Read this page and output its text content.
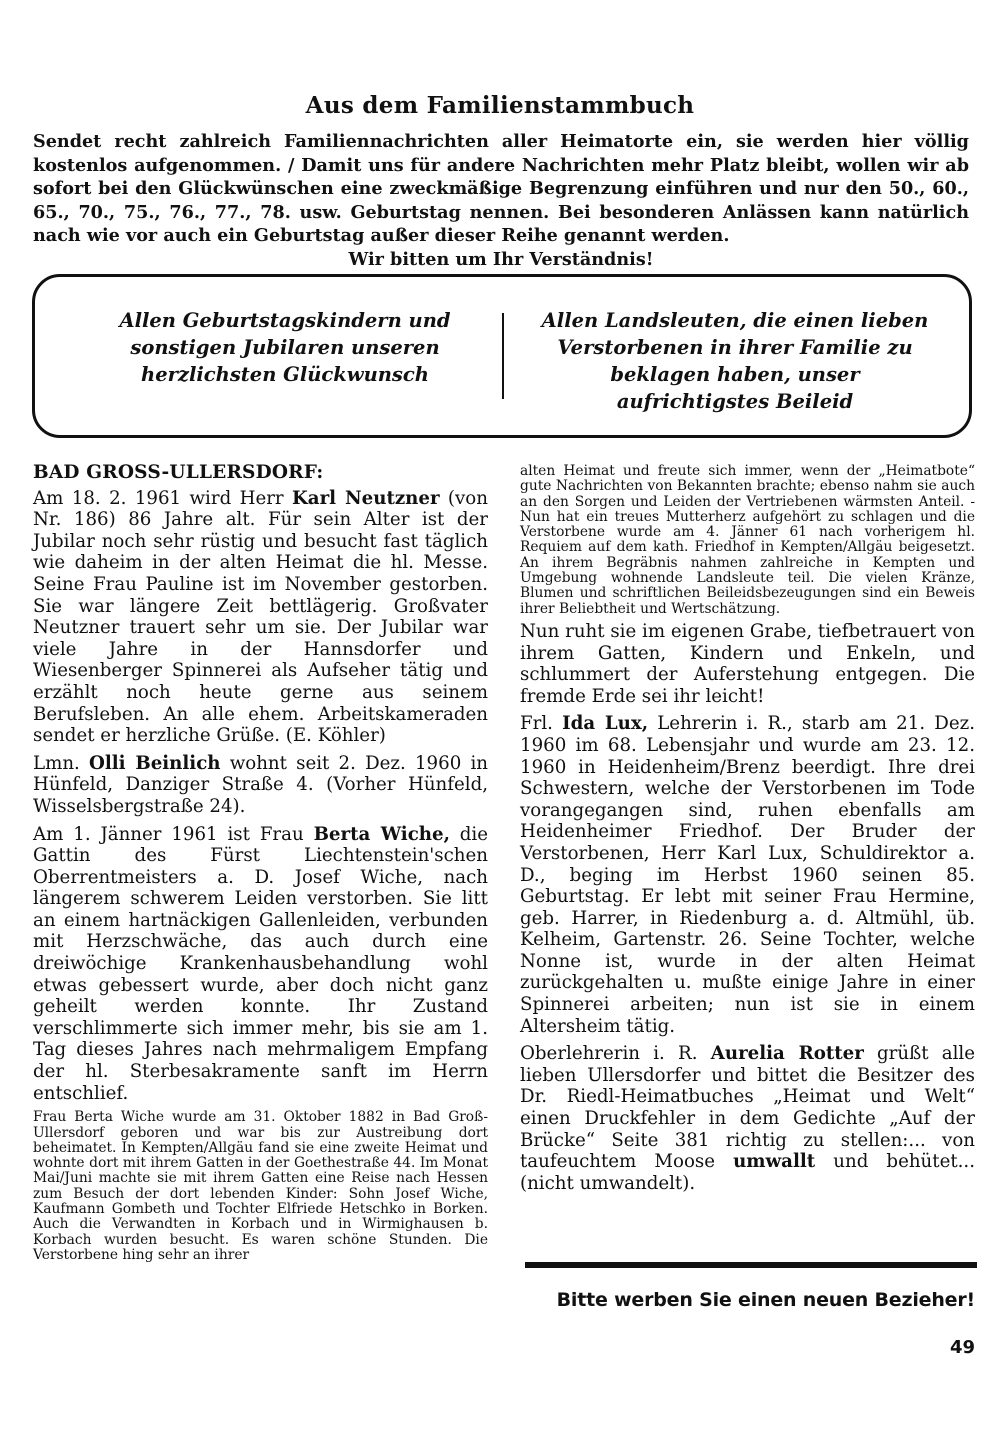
Aus dem Familienstammbuch
Sendet recht zahlreich Familiennachrichten aller Heimatorte ein, sie werden hier völlig kostenlos aufgenommen. / Damit uns für andere Nachrichten mehr Platz bleibt, wollen wir ab sofort bei den Glückwünschen eine zweckmäßige Begrenzung einführen und nur den 50., 60., 65., 70., 75., 76., 77., 78. usw. Geburtstag nennen. Bei besonderen Anlässen kann natürlich nach wie vor auch ein Geburtstag außer dieser Reihe genannt werden.
Wir bitten um Ihr Verständnis!
Allen Geburtstagskindern und sonstigen Jubilaren unseren herzlichsten Glückwunsch
Allen Landsleuten, die einen lieben Verstorbenen in ihrer Familie zu beklagen haben, unser aufrichtigstes Beileid
BAD GROSS-ULLERSDORF:

Am 18. 2. 1961 wird Herr Karl Neutzner (von Nr. 186) 86 Jahre alt. Für sein Alter ist der Jubilar noch sehr rüstig und besucht fast täglich wie daheim in der alten Heimat die hl. Messe. Seine Frau Pauline ist im November gestorben. Sie war längere Zeit bettlägerig. Großvater Neutzner trauert sehr um sie. Der Jubilar war viele Jahre in der Hannsdorfer und Wiesenberger Spinnerei als Aufseher tätig und erzählt noch heute gerne aus seinem Berufsleben. An alle ehem. Arbeitskameraden sendet er herzliche Grüße. (E. Köhler)

Lmn. Olli Beinlich wohnt seit 2. Dez. 1960 in Hünfeld, Danziger Straße 4. (Vorher Hünfeld, Wisselsbergstraße 24).

Am 1. Jänner 1961 ist Frau Berta Wiche, die Gattin des Fürst Liechtenstein'schen Oberrentmeisters a. D. Josef Wiche, nach längerem schwerem Leiden verstorben. Sie litt an einem hartnäckigen Gallenleiden, verbunden mit Herzschwäche, das auch durch eine dreiwöchige Krankenhausbehandlung wohl etwas gebessert wurde, aber doch nicht ganz geheilt werden konnte. Ihr Zustand verschlimmerte sich immer mehr, bis sie am 1. Tag dieses Jahres nach mehrmaligem Empfang der hl. Sterbesakramente sanft im Herrn entschlief.

Frau Berta Wiche wurde am 31. Oktober 1882 in Bad Groß-Ullersdorf geboren und war bis zur Austreibung dort beheimatet. In Kempten/Allgäu fand sie eine zweite Heimat und wohnte dort mit ihrem Gatten in der Goethestraße 44. Im Monat Mai/Juni machte sie mit ihrem Gatten eine Reise nach Hessen zum Besuch der dort lebenden Kinder: Sohn Josef Wiche, Kaufmann Gombeth und Tochter Elfriede Hetschko in Borken. Auch die Verwandten in Korbach und in Wirmighausen b. Korbach wurden besucht. Es waren schöne Stunden. Die Verstorbene hing sehr an ihrer

alten Heimat und freute sich immer, wenn der „Heimatbote“ gute Nachrichten von Bekannten brachte; ebenso nahm sie auch an den Sorgen und Leiden der Vertriebenen wärmsten Anteil. - Nun hat ein treues Mutterherz aufgehört zu schlagen und die Verstorbene wurde am 4. Jänner 61 nach vorherigem hl. Requiem auf dem kath. Friedhof in Kempten/Allgäu beigesetzt. An ihrem Begräbnis nahmen zahlreiche in Kempten und Umgebung wohnende Landsleute teil. Die vielen Kränze, Blumen und schriftlichen Beileidsbezeugungen sind ein Beweis ihrer Beliebtheit und Wertschätzung.

Nun ruht sie im eigenen Grabe, tiefbetrauert von ihrem Gatten, Kindern und Enkeln, und schlummert der Auferstehung entgegen. Die fremde Erde sei ihr leicht!

Frl. Ida Lux, Lehrerin i. R., starb am 21. Dez. 1960 im 68. Lebensjahr und wurde am 23. 12. 1960 in Heidenheim/Brenz beerdigt. Ihre drei Schwestern, welche der Verstorbenen im Tode vorangegangen sind, ruhen ebenfalls am Heidenheimer Friedhof. Der Bruder der Verstorbenen, Herr Karl Lux, Schuldirektor a. D., beging im Herbst 1960 seinen 85. Geburtstag. Er lebt mit seiner Frau Hermine, geb. Harrer, in Riedenburg a. d. Altmühl, üb. Kelheim, Gartenstr. 26. Seine Tochter, welche Nonne ist, wurde in der alten Heimat zurückgehalten u. mußte einige Jahre in einer Spinnerei arbeiten; nun ist sie in einem Altersheim tätig.

Oberlehrerin i. R. Aurelia Rotter grüßt alle lieben Ullersdorfer und bittet die Besitzer des Dr. Riedl-Heimatbuches „Heimat und Welt“ einen Druckfehler in dem Gedichte „Auf der Brücke“ Seite 381 richtig zu stellen:... von taufeuchtem Moose umwallt und behütet... (nicht umwandelt).

Bitte werben Sie einen neuen Bezieher!
49
